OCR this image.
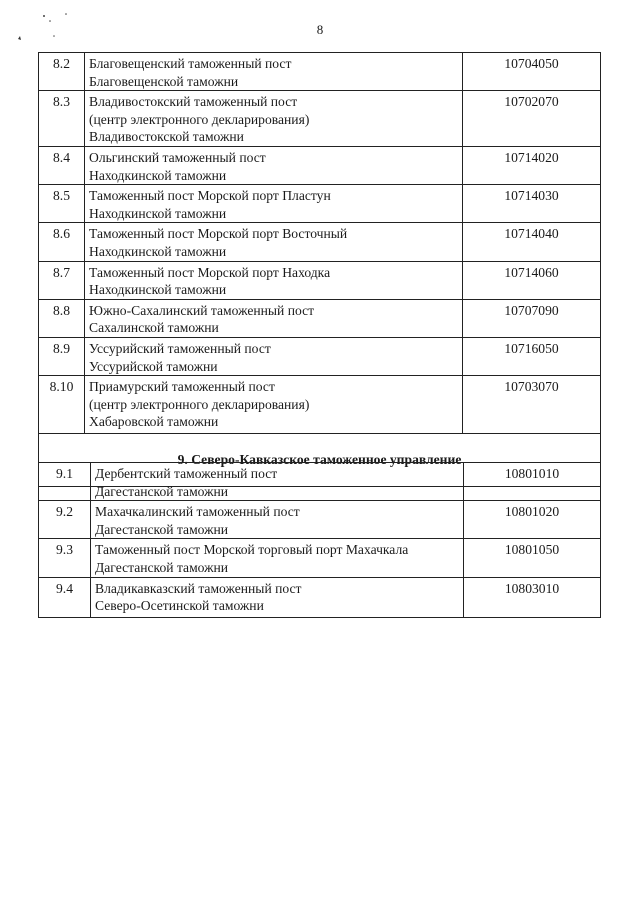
8
8.2	Благовещенский таможенный пост
Благовещенской таможни	10704050
8.3	Владивостокский таможенный пост
(центр электронного декларирования)
Владивостокской таможни	10702070
8.4	Ольгинский таможенный пост
Находкинской таможни	10714020
8.5	Таможенный пост Морской порт Пластун
Находкинской таможни	10714030
8.6	Таможенный пост Морской порт Восточный
Находкинской таможни	10714040
8.7	Таможенный пост Морской порт Находка
Находкинской таможни	10714060
8.8	Южно-Сахалинский таможенный пост
Сахалинской таможни	10707090
8.9	Уссурийский таможенный пост
Уссурийской таможни	10716050
8.10	Приамурский таможенный пост
(центр электронного декларирования)
Хабаровской таможни	10703070
9. Северо-Кавказское таможенное управление		
9.1	Дербентский таможенный пост
Дагестанской таможни	10801010
9.2	Махачкалинский таможенный пост
Дагестанской таможни	10801020
9.3	Таможенный пост Морской торговый порт Махачкала
Дагестанской таможни	10801050
9.4	Владикавказский таможенный пост
Северо-Осетинской таможни	10803010
